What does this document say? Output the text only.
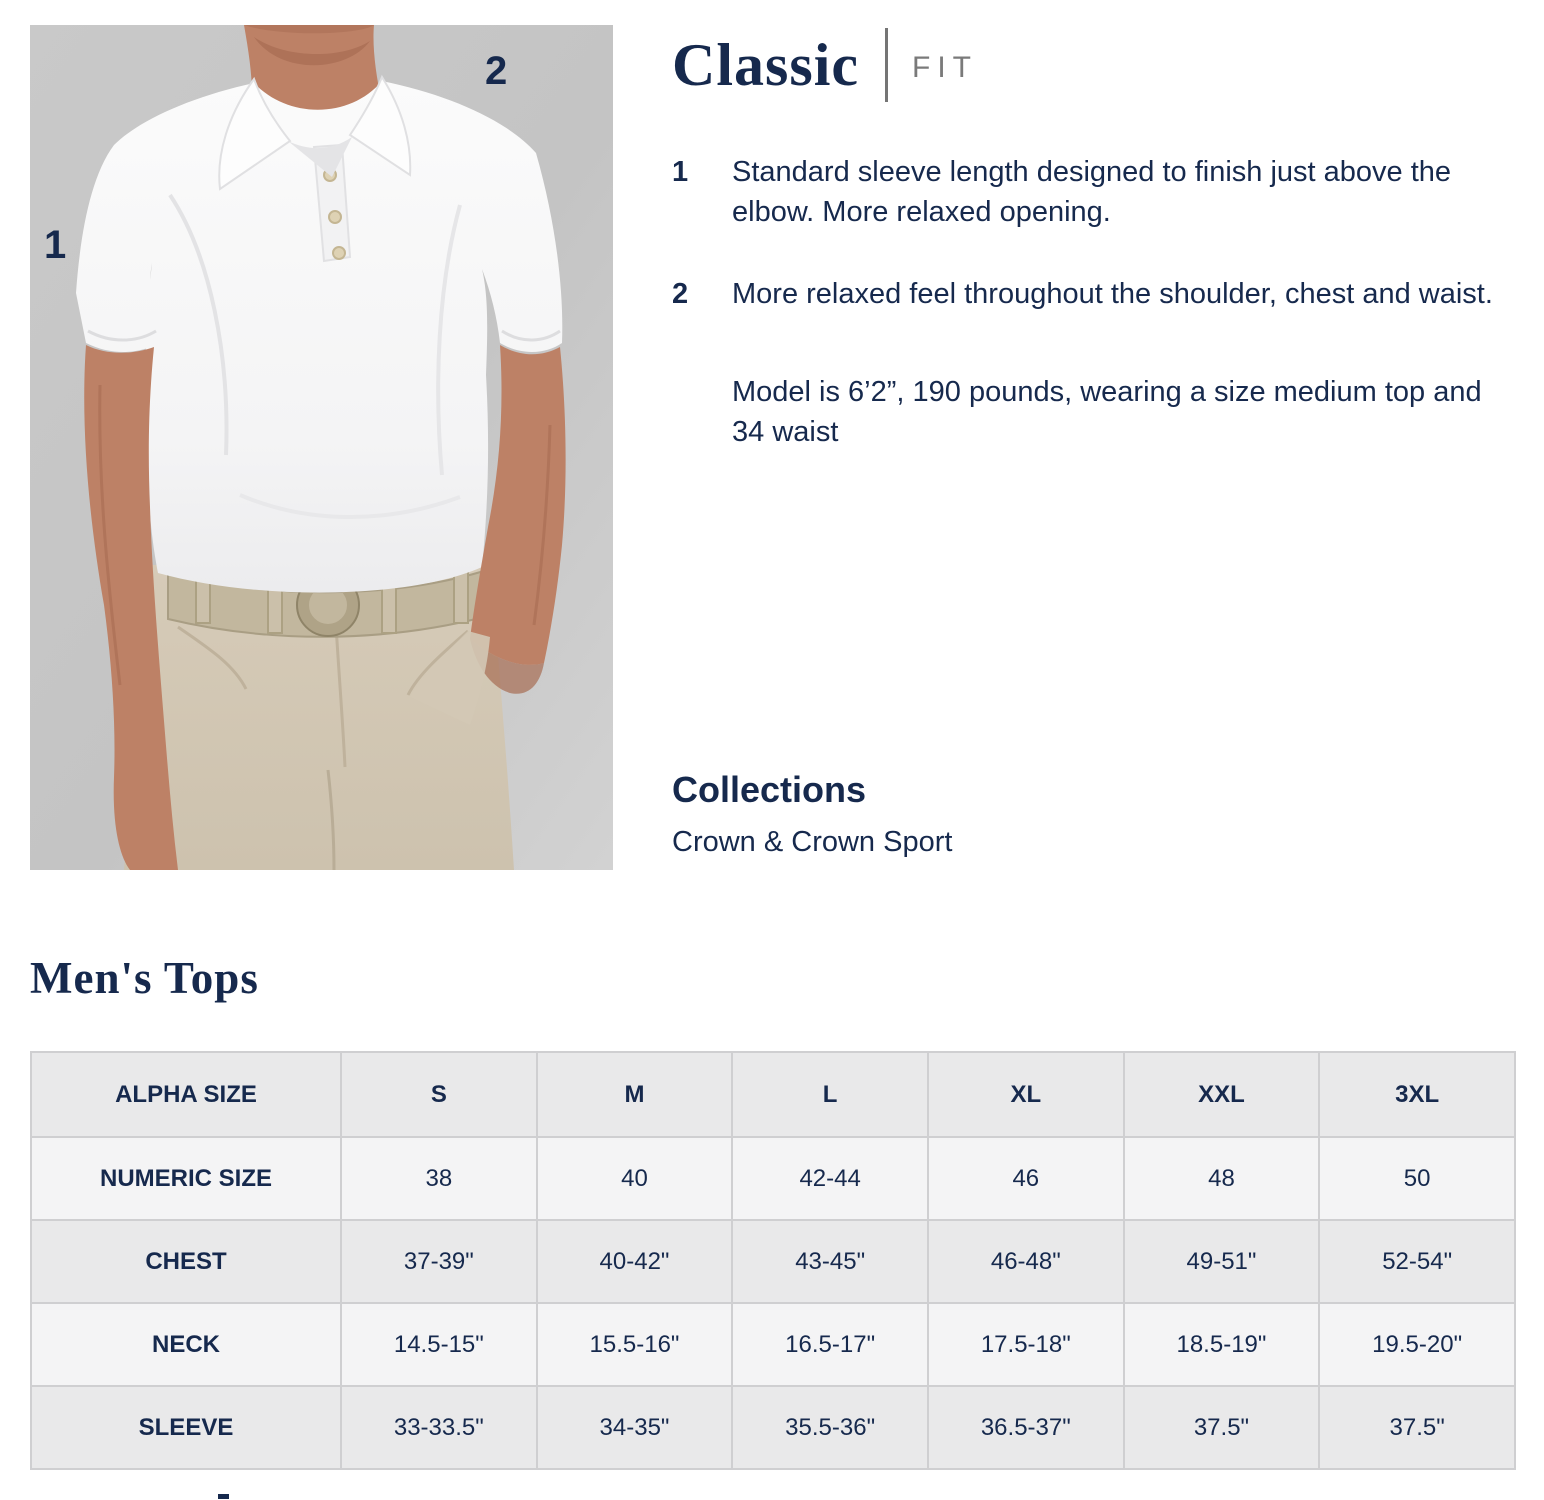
1
2	Classic FIT
1	Standard sleeve length designed to finish just above the elbow. More relaxed opening.

2	More relaxed feel throughout the shoulder, chest and waist.

Model is 6’2”, 190 pounds, wearing a size medium top and 34 waist

Collections

Crown & Crown Sport

Men's Tops
ALPHA SIZE	S	M	L	XL	XXL	3XL
NUMERIC SIZE	38	40	42-44	46	48	50
CHEST	37-39"	40-42"	43-45"	46-48"	49-51"	52-54"
NECK	14.5-15"	15.5-16"	16.5-17"	17.5-18"	18.5-19"	19.5-20"
SLEEVE	33-33.5"	34-35"	35.5-36"	36.5-37"	37.5"	37.5"
